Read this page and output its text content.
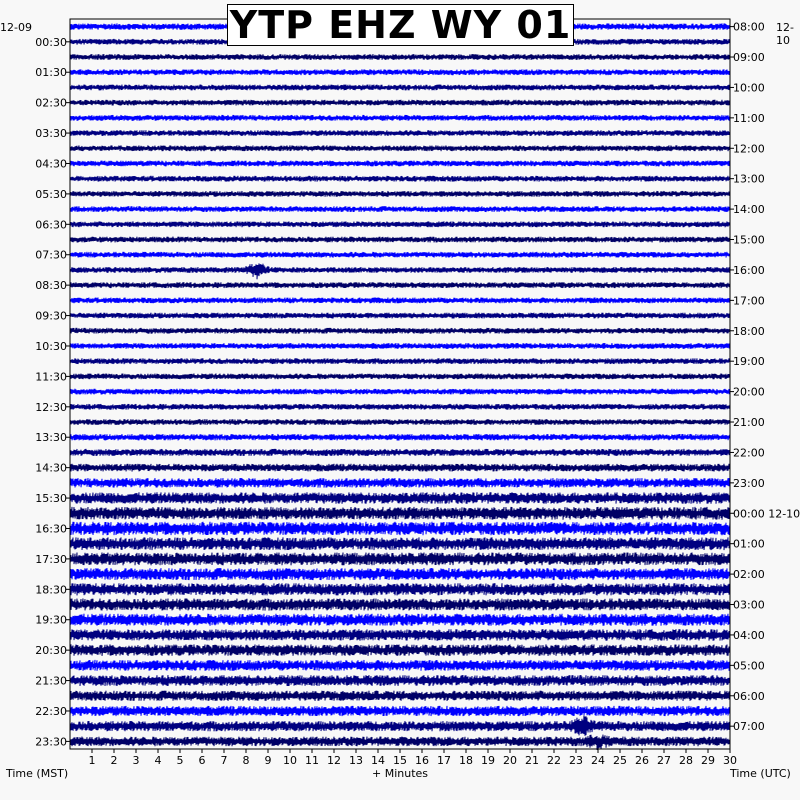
00:30
01:30
02:30
03:30
04:30
05:30
06:30
07:30
08:30
09:30
10:30
11:30
12:30
13:30
14:30
15:30
16:30
17:30
18:30
19:30
20:30
21:30
22:30
23:30
08:00
09:00
10:00
11:00
12:00
13:00
14:00
15:00
16:00
17:00
18:00
19:00
20:00
21:00
22:00
23:00
00:00 12-10
01:00
02:00
03:00
04:00
05:00
06:00
07:00
1 2 3 4 5 6 7 8 9 10 11 12 13 14 15 16 17 18 19 20 21 22 23 24 25 26 27 28 29 30
YTP EHZ WY 01
12-09	12-10
Time (MST)	+ Minutes	Time (UTC)
